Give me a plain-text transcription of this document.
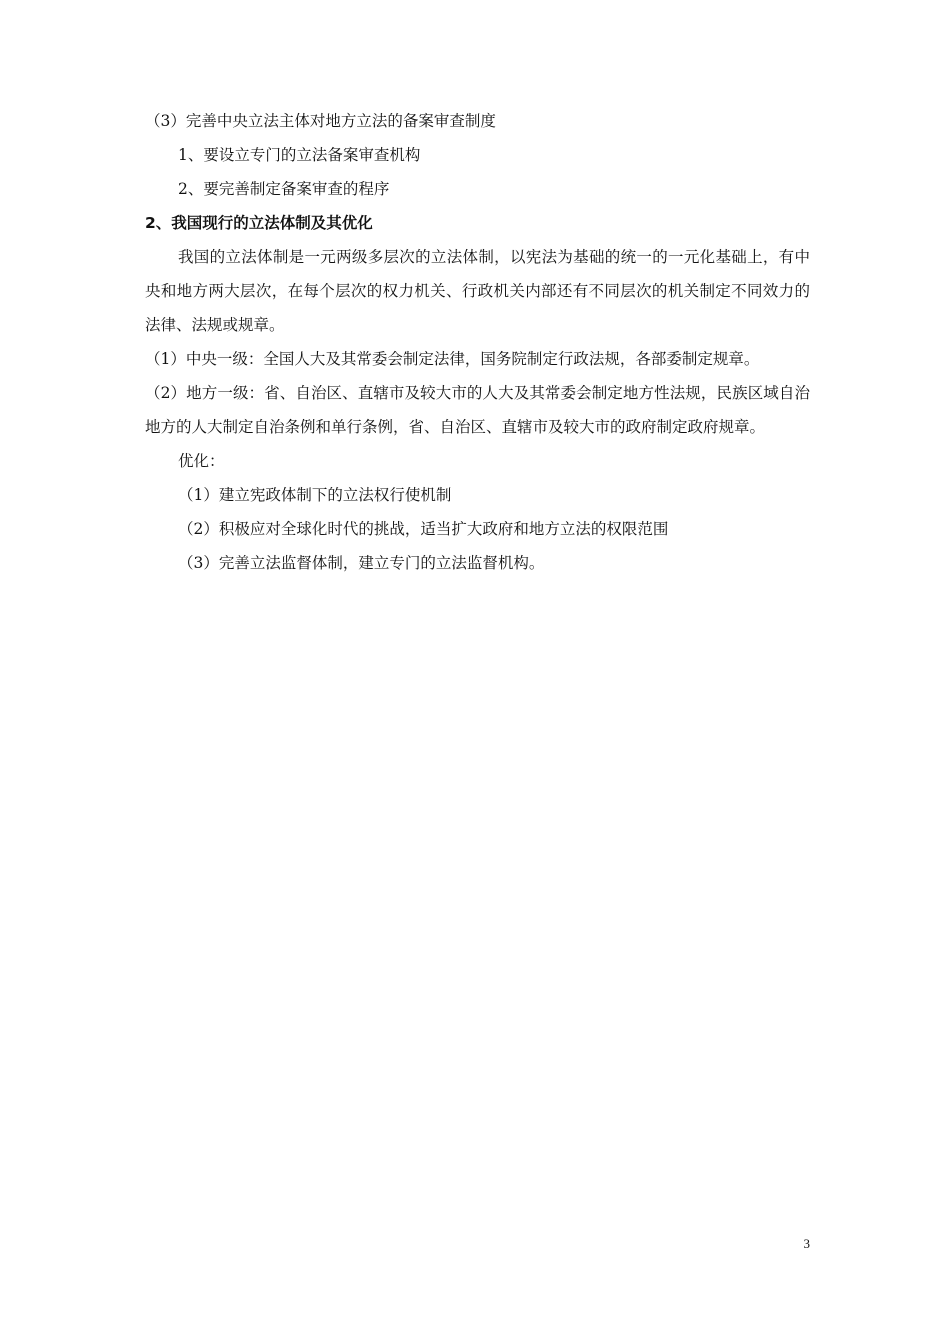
（3）完善中央立法主体对地方立法的备案审查制度

1、要设立专门的立法备案审查机构

2、要完善制定备案审查的程序

2、我国现行的立法体制及其优化

我国的立法体制是一元两级多层次的立法体制，以宪法为基础的统一的一元化基础上，有中央和地方两大层次，在每个层次的权力机关、行政机关内部还有不同层次的机关制定不同效力的法律、法规或规章。

（1）中央一级：全国人大及其常委会制定法律，国务院制定行政法规，各部委制定规章。

（2）地方一级：省、自治区、直辖市及较大市的人大及其常委会制定地方性法规，民族区域自治地方的人大制定自治条例和单行条例，省、自治区、直辖市及较大市的政府制定政府规章。

优化：

（1）建立宪政体制下的立法权行使机制

（2）积极应对全球化时代的挑战，适当扩大政府和地方立法的权限范围

（3）完善立法监督体制，建立专门的立法监督机构。

3
